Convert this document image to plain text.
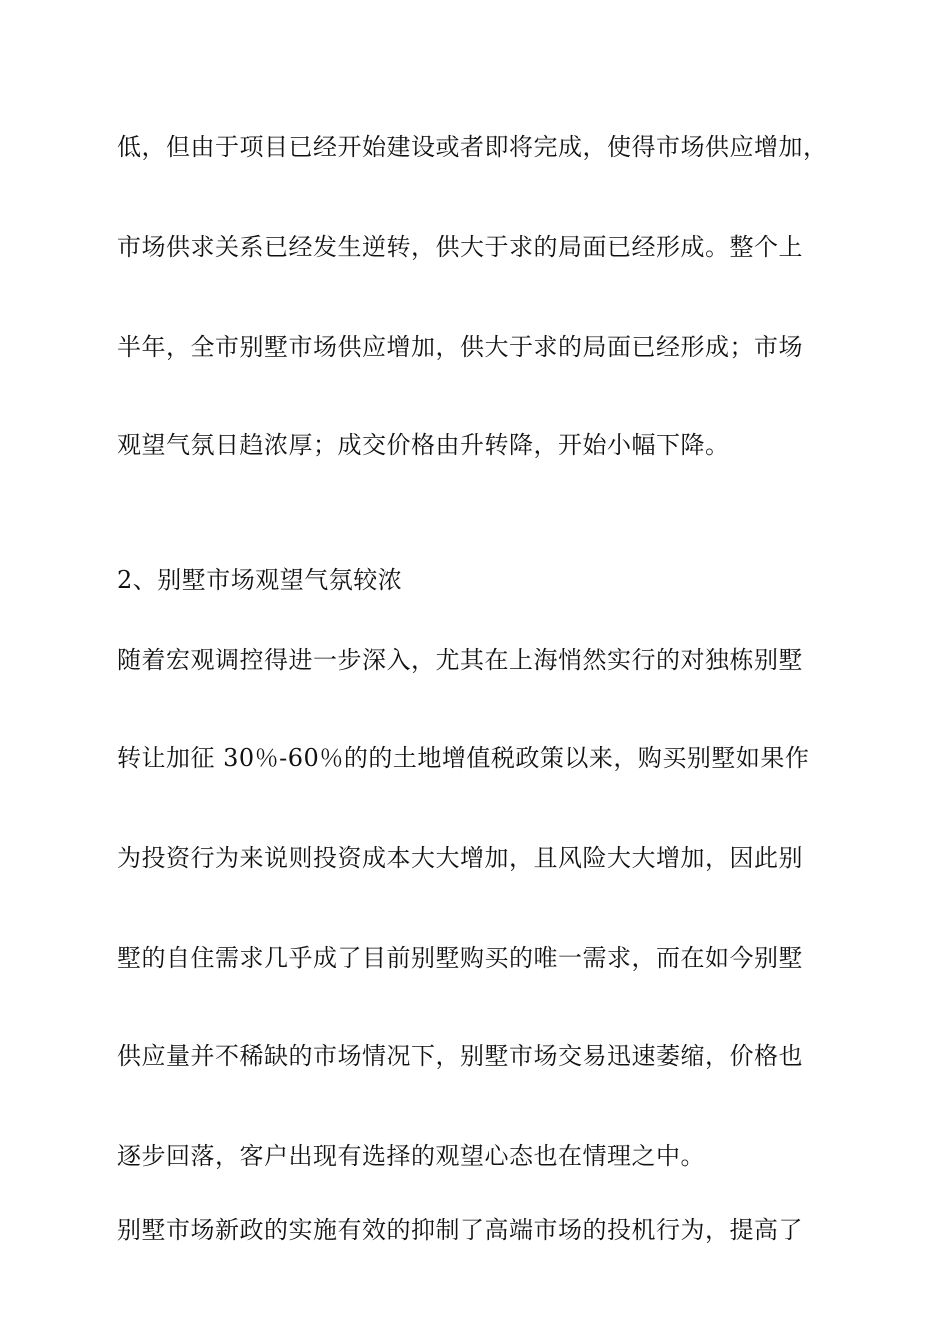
低，但由于项目已经开始建设或者即将完成，使得市场供应增加，
市场供求关系已经发生逆转，供大于求的局面已经形成。整个上
半年，全市别墅市场供应增加，供大于求的局面已经形成；市场
观望气氛日趋浓厚；成交价格由升转降，开始小幅下降。
2、别墅市场观望气氛较浓
随着宏观调控得进一步深入，尤其在上海悄然实行的对独栋别墅
转让加征 30％-60％的的土地增值税政策以来，购买别墅如果作
为投资行为来说则投资成本大大增加，且风险大大增加，因此别
墅的自住需求几乎成了目前别墅购买的唯一需求，而在如今别墅
供应量并不稀缺的市场情况下，别墅市场交易迅速萎缩，价格也
逐步回落，客户出现有选择的观望心态也在情理之中。
别墅市场新政的实施有效的抑制了高端市场的投机行为，提高了
